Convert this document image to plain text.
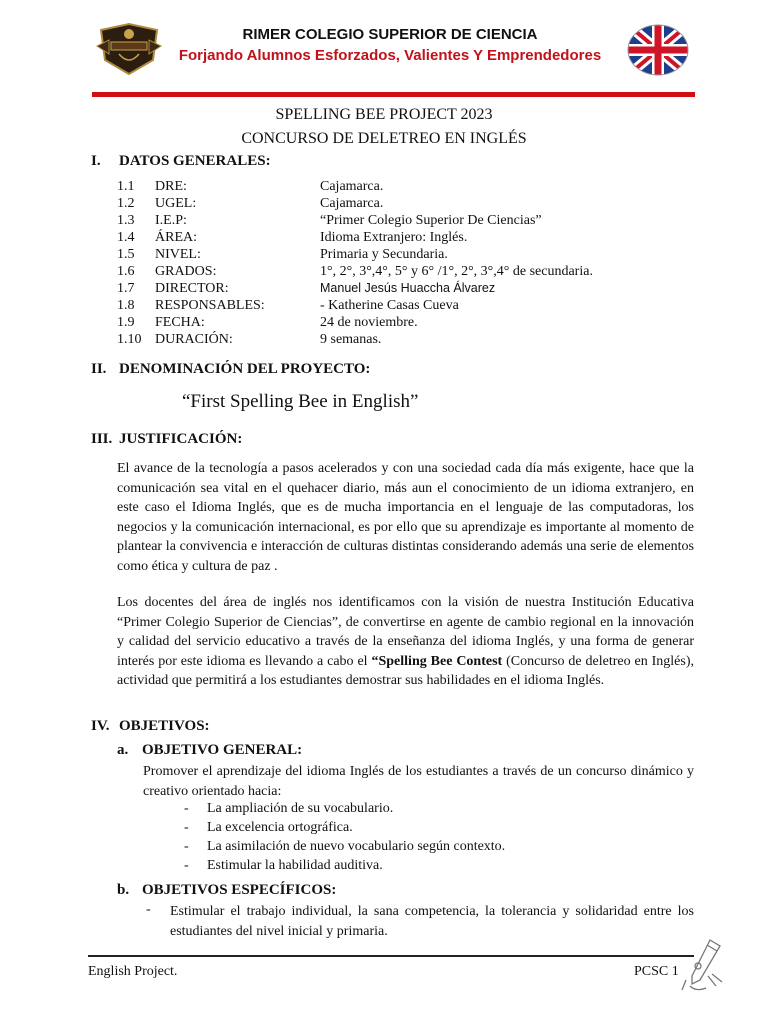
RIMER COLEGIO SUPERIOR DE CIENCIA
Forjando Alumnos Esforzados, Valientes Y Emprendedores
SPELLING BEE PROJECT 2023
CONCURSO DE DELETREO EN INGLÉS
I. DATOS GENERALES:
1.1 DRE:	Cajamarca.
1.2 UGEL:	Cajamarca.
1.3 I.E.P:	“Primer Colegio Superior De Ciencias”
1.4 ÁREA:	Idioma Extranjero: Inglés.
1.5 NIVEL:	Primaria y Secundaria.
1.6 GRADOS:	1°, 2°, 3°,4°, 5° y 6° /1°, 2°, 3°,4° de secundaria.
1.7 DIRECTOR:	Manuel Jesús Huaccha Álvarez
1.8 RESPONSABLES:	- Katherine Casas Cueva
1.9 FECHA:	24 de noviembre.
1.10 DURACIÓN:	9 semanas.
II. DENOMINACIÓN DEL PROYECTO:
“First Spelling Bee in English”
III. JUSTIFICACIÓN:

El avance de la tecnología a pasos acelerados y con una sociedad cada día más exigente, hace que la comunicación sea vital en el quehacer diario, más aun el conocimiento de un idioma extranjero, en este caso el Idioma Inglés, que es de mucha importancia en el lenguaje de las computadoras, los negocios y la comunicación internacional, es por ello que su aprendizaje es importante al momento de plantear la convivencia e interacción de culturas distintas considerando además una serie de elementos como ética y cultura de paz .

Los docentes del área de inglés nos identificamos con la visión de nuestra Institución Educativa “Primer Colegio Superior de Ciencias”, de convertirse en agente de cambio regional en la innovación y calidad del servicio educativo a través de la enseñanza del idioma Inglés, y una forma de generar interés por este idioma es llevando a cabo el “Spelling Bee Contest (Concurso de deletreo en Inglés), actividad que permitirá a los estudiantes demostrar sus habilidades en el idioma Inglés.

IV. OBJETIVOS:
a. OBJETIVO GENERAL:

Promover el aprendizaje del idioma Inglés de los estudiantes a través de un concurso dinámico y creativo orientado hacia:

- La ampliación de su vocabulario.
- La excelencia ortográfica.
- La asimilación de nuevo vocabulario según contexto.
- Estimular la habilidad auditiva.
b. OBJETIVOS ESPECÍFICOS:
- Estimular el trabajo individual, la sana competencia, la tolerancia y solidaridad entre los estudiantes del nivel inicial y primaria.

English Project.	PCSC 1
